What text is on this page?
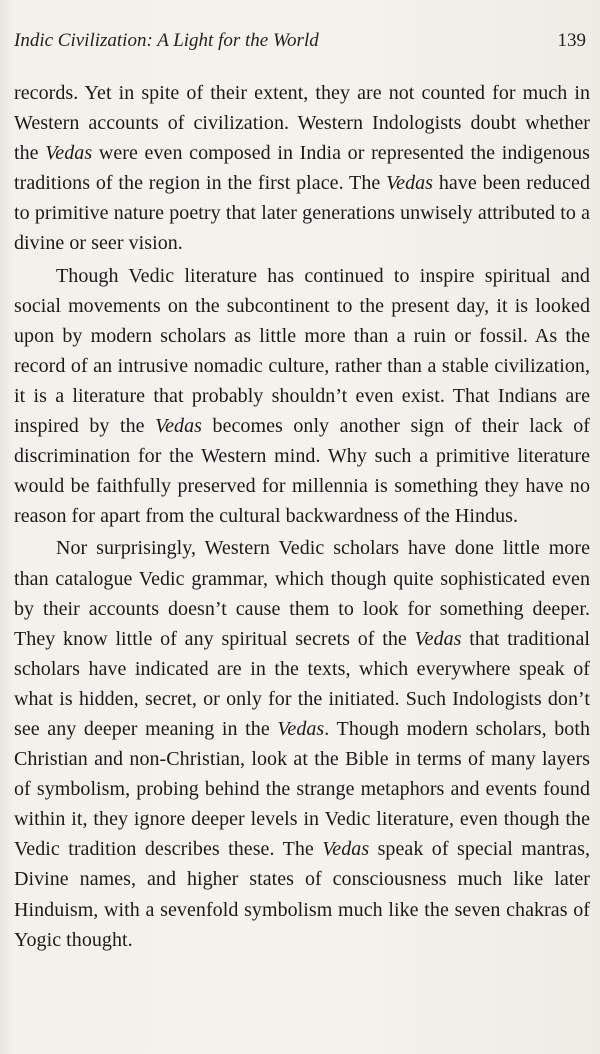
Indic Civilization: A Light for the World	139

records. Yet in spite of their extent, they are not counted for much in Western accounts of civilization. Western Indologists doubt whether the Vedas were even composed in India or represented the indigenous traditions of the region in the first place. The Vedas have been reduced to primitive nature poetry that later generations unwisely attributed to a divine or seer vision.

Though Vedic literature has continued to inspire spiritual and social movements on the subcontinent to the present day, it is looked upon by modern scholars as little more than a ruin or fossil. As the record of an intrusive nomadic culture, rather than a stable civilization, it is a literature that probably shouldn’t even exist. That Indians are inspired by the Vedas becomes only another sign of their lack of discrimination for the Western mind. Why such a primitive literature would be faithfully preserved for millennia is something they have no reason for apart from the cultural backwardness of the Hindus.

Nor surprisingly, Western Vedic scholars have done little more than catalogue Vedic grammar, which though quite sophisticated even by their accounts doesn’t cause them to look for something deeper. They know little of any spiritual secrets of the Vedas that traditional scholars have indicated are in the texts, which everywhere speak of what is hidden, secret, or only for the initiated. Such Indologists don’t see any deeper meaning in the Vedas. Though modern scholars, both Christian and non-Christian, look at the Bible in terms of many layers of symbolism, probing behind the strange metaphors and events found within it, they ignore deeper levels in Vedic literature, even though the Vedic tradition describes these. The Vedas speak of special mantras, Divine names, and higher states of consciousness much like later Hinduism, with a sevenfold symbolism much like the seven chakras of Yogic thought.
